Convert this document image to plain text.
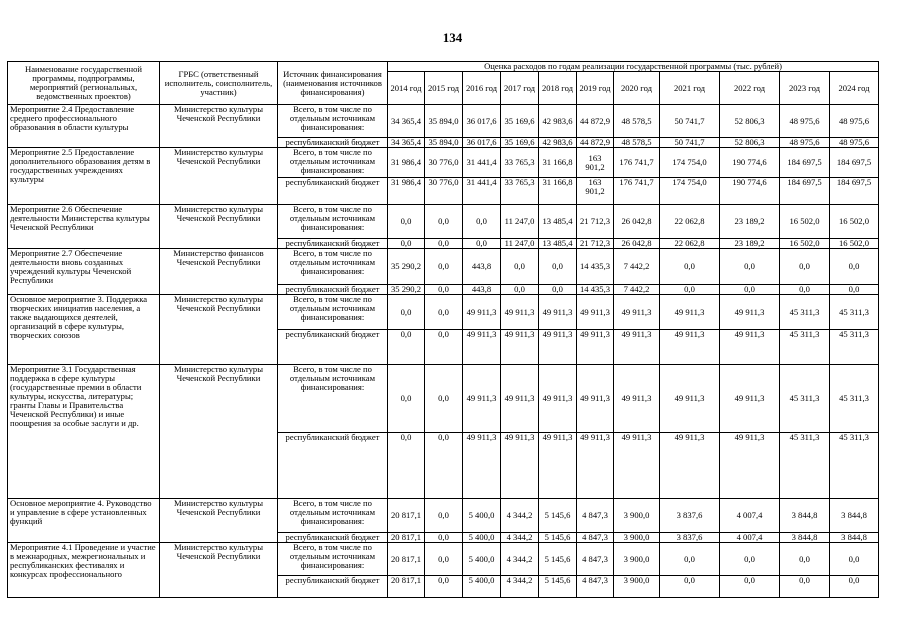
134
Наименование государственной программы, подпрограммы, мероприятий (региональных, ведомственных проектов)	ГРБС (ответственный исполнитель, соисполнитель, участник)	Источник финансирования (наименования источников финансирования)	Оценка расходов по годам реализации государственной программы (тыс. рублей)										
			2014 год	2015 год	2016 год	2017 год	2018 год	2019 год	2020 год	2021 год	2022 год	2023 год	2024 год
Мероприятие 2.4 Предоставление среднего профессионального образования в области культуры	Министерство культуры Чеченской Республики	Всего, в том числе по отдельным источникам финансирования:	34 365,4	35 894,0	36 017,6	35 169,6	42 983,6	44 872,9	48 578,5	50 741,7	52 806,3	48 975,6	48 975,6
		республиканский бюджет	34 365,4	35 894,0	36 017,6	35 169,6	42 983,6	44 872,9	48 578,5	50 741,7	52 806,3	48 975,6	48 975,6
Мероприятие 2.5 Предоставление дополнительного образования детям в государственных учреждениях культуры	Министерство культуры Чеченской Республики	Всего, в том числе по отдельным источникам финансирования:	31 986,4	30 776,0	31 441,4	33 765,3	31 166,8	163 901,2	176 741,7	174 754,0	190 774,6	184 697,5	184 697,5
		республиканский бюджет	31 986,4	30 776,0	31 441,4	33 765,3	31 166,8	163 901,2	176 741,7	174 754,0	190 774,6	184 697,5	184 697,5
Мероприятие 2.6 Обеспечение деятельности Министерства культуры Чеченской Республики	Министерство культуры Чеченской Республики	Всего, в том числе по отдельным источникам финансирования:	0,0	0,0	0,0	11 247,0	13 485,4	21 712,3	26 042,8	22 062,8	23 189,2	16 502,0	16 502,0
		республиканский бюджет	0,0	0,0	0,0	11 247,0	13 485,4	21 712,3	26 042,8	22 062,8	23 189,2	16 502,0	16 502,0
Мероприятие 2.7 Обеспечение деятельности вновь созданных учреждений культуры Чеченской Республики	Министерство финансов Чеченской Республики	Всего, в том числе по отдельным источникам финансирования:	35 290,2	0,0	443,8	0,0	0,0	14 435,3	7 442,2	0,0	0,0	0,0	0,0
		республиканский бюджет	35 290,2	0,0	443,8	0,0	0,0	14 435,3	7 442,2	0,0	0,0	0,0	0,0
Основное мероприятие 3. Поддержка творческих инициатив населения, а также выдающихся деятелей, организаций в сфере культуры, творческих союзов	Министерство культуры Чеченской Республики	Всего, в том числе по отдельным источникам финансирования:	0,0	0,0	49 911,3	49 911,3	49 911,3	49 911,3	49 911,3	49 911,3	49 911,3	45 311,3	45 311,3
		республиканский бюджет	0,0	0,0	49 911,3	49 911,3	49 911,3	49 911,3	49 911,3	49 911,3	49 911,3	45 311,3	45 311,3
Мероприятие 3.1 Государственная поддержка в сфере культуры (государственные премии в области культуры, искусства, литературы; гранты Главы и Правительства Чеченской Республики) и иные поощрения за особые заслуги и др.	Министерство культуры Чеченской Республики	Всего, в том числе по отдельным источникам финансирования:	0,0	0,0	49 911,3	49 911,3	49 911,3	49 911,3	49 911,3	49 911,3	49 911,3	45 311,3	45 311,3
		республиканский бюджет	0,0	0,0	49 911,3	49 911,3	49 911,3	49 911,3	49 911,3	49 911,3	49 911,3	45 311,3	45 311,3
Основное мероприятие 4. Руководство и управление в сфере установленных функций	Министерство культуры Чеченской Республики	Всего, в том числе по отдельным источникам финансирования:	20 817,1	0,0	5 400,0	4 344,2	5 145,6	4 847,3	3 900,0	3 837,6	4 007,4	3 844,8	3 844,8
		республиканский бюджет	20 817,1	0,0	5 400,0	4 344,2	5 145,6	4 847,3	3 900,0	3 837,6	4 007,4	3 844,8	3 844,8
Мероприятие 4.1 Проведение и участие в межнародных, межрегиональных и республиканских фестивалях и конкурсах профессионального	Министерство культуры Чеченской Республики	Всего, в том числе по отдельным источникам финансирования:	20 817,1	0,0	5 400,0	4 344,2	5 145,6	4 847,3	3 900,0	0,0	0,0	0,0	0,0
		республиканский бюджет	20 817,1	0,0	5 400,0	4 344,2	5 145,6	4 847,3	3 900,0	0,0	0,0	0,0	0,0
